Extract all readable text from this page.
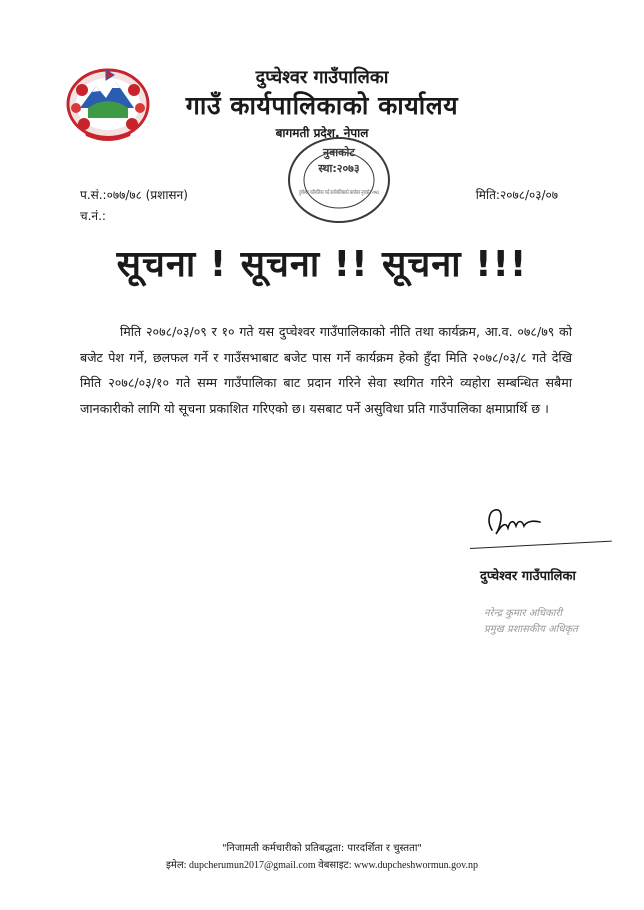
दुप्चेश्वर गाउँपालिका
गाउँ कार्यपालिकाको कार्यालय
बागमती प्रदेश, नेपाल
नुवाकोट
स्था:२०७३
दुप्चेश्वर गाउँपालिका गाउँ कार्यपालिकाको कार्यालय नुवाकोट २०७३
प.सं.:०७७/७८ (प्रशासन)	मिति:२०७८/०३/०७
च.नं.:
सूचना ! सूचना !! सूचना !!!
मिति २०७८/०३/०९ र १० गते यस दुप्चेश्वर गाउँपालिकाको नीति तथा कार्यक्रम, आ.व. ०७८/७९ को बजेट पेश गर्ने, छलफल गर्ने र गाउँसभाबाट बजेट पास गर्ने कार्यक्रम हेको हुँदा मिति २०७८/०३/८ गते देखि मिति २०७८/०३/१० गते सम्म गाउँपालिका बाट प्रदान गरिने सेवा स्थगित गरिने व्यहोरा सम्बन्धित सबैमा जानकारीको लागि यो सूचना प्रकाशित गरिएको छ। यसबाट पर्ने असुविधा प्रति गाउँपालिका क्षमाप्रार्थि छ ।
दुप्चेश्वर गाउँपालिका
नरेन्द्र कुमार अधिकारी
प्रमुख प्रशासकीय अधिकृत
"निजामती कर्मचारीको प्रतिबद्धता: पारदर्शिता र चुस्तता"
इमेल: dupcherumun2017@gmail.com वेबसाइट: www.dupcheshwormun.gov.np
